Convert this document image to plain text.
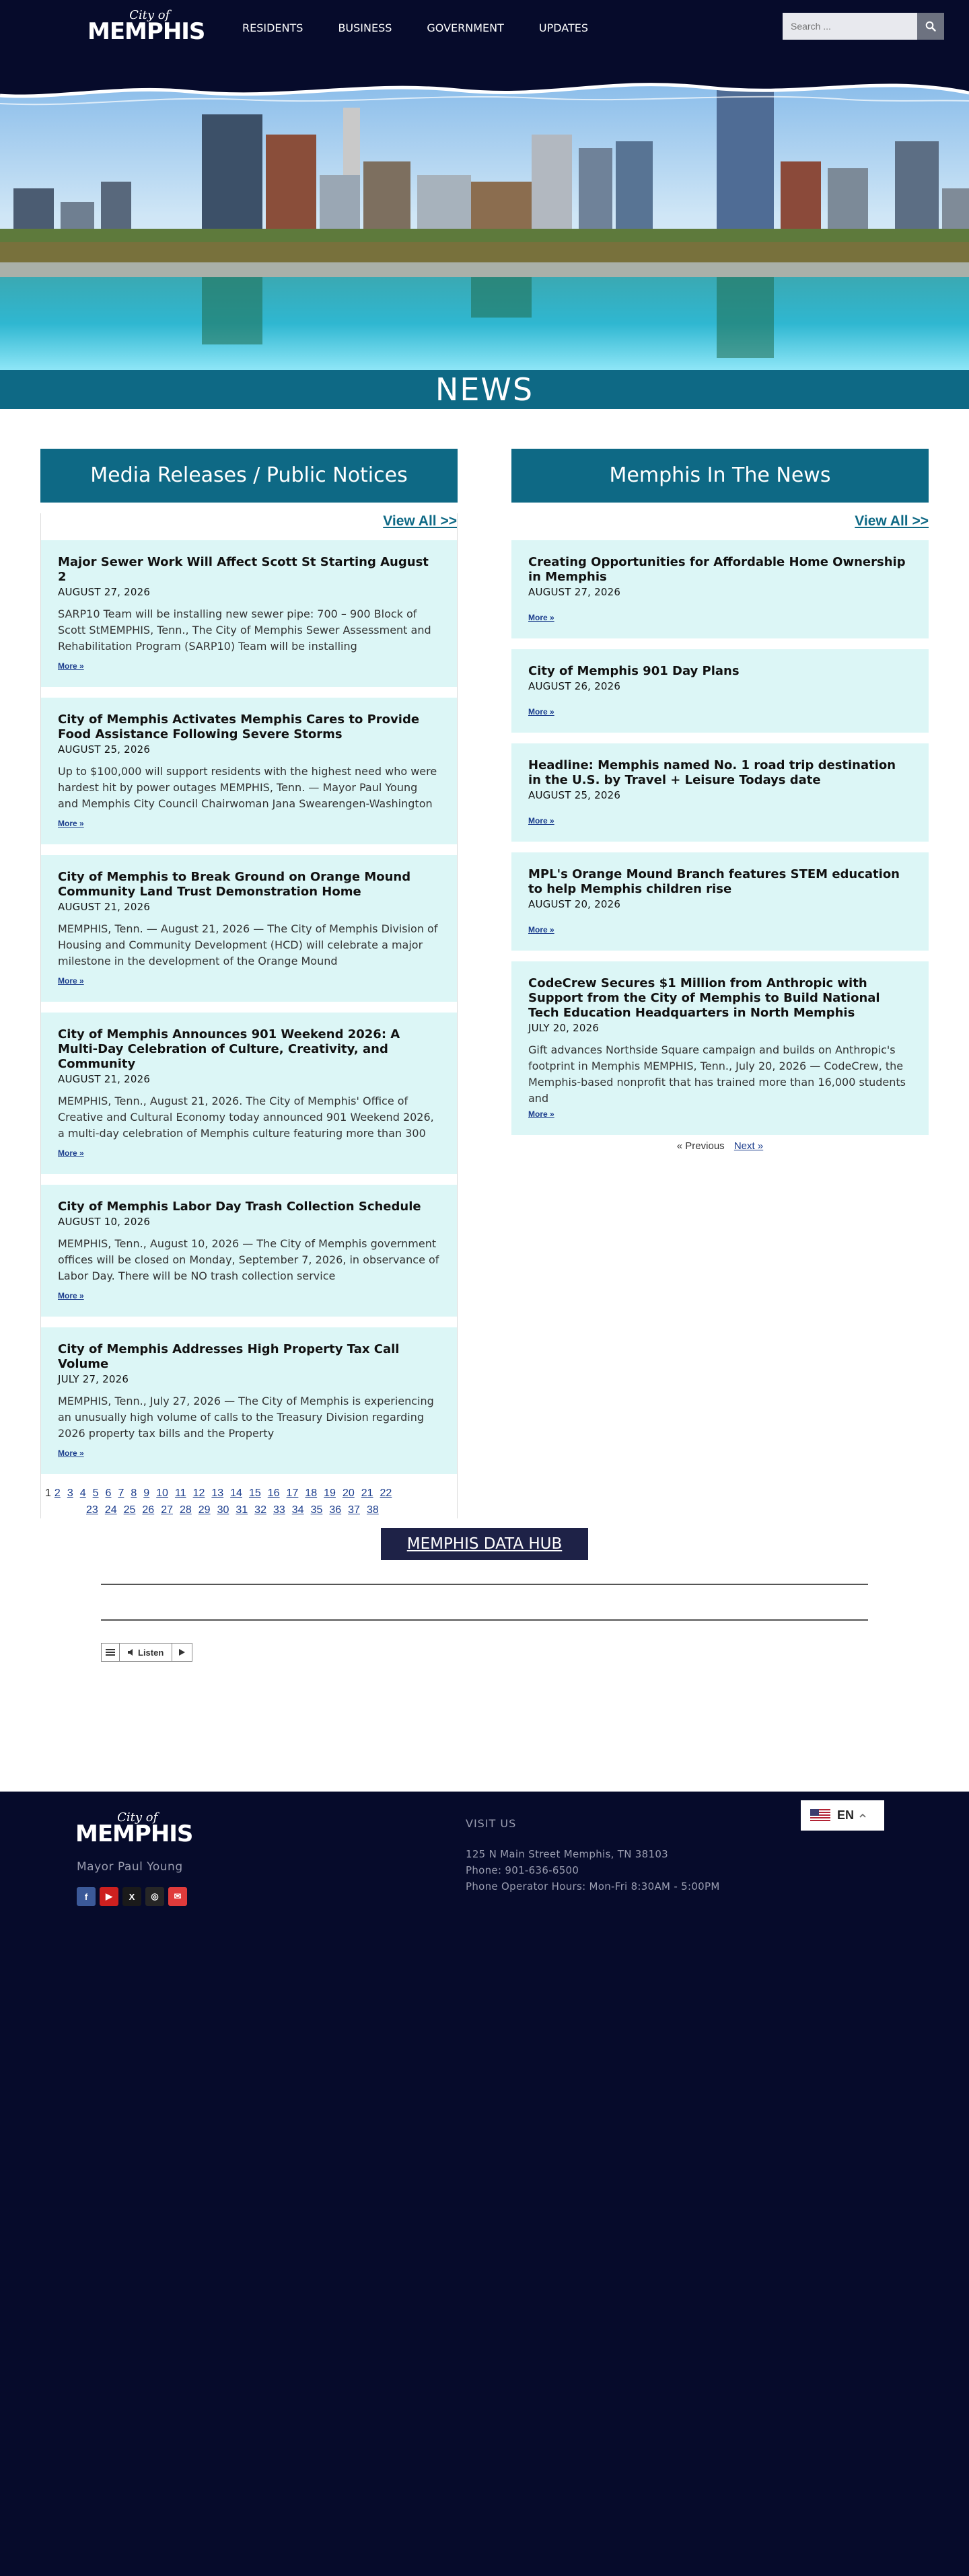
City of
MEMPHIS	RESIDENTS	BUSINESS	GOVERNMENT	UPDATES
Search ...
NEWS
Media Releases / Public Notices
View All >>
Major Sewer Work Will Affect Scott St Starting August 2
AUGUST 27, 2026
SARP10 Team will be installing new sewer pipe: 700 – 900 Block of Scott StMEMPHIS, Tenn., The City of Memphis Sewer Assessment and Rehabilitation Program (SARP10) Team will be installing
More »
City of Memphis Activates Memphis Cares to Provide Food Assistance Following Severe Storms
AUGUST 25, 2026
Up to $100,000 will support residents with the highest need who were hardest hit by power outages MEMPHIS, Tenn. — Mayor Paul Young and Memphis City Council Chairwoman Jana Swearengen-Washington
More »
City of Memphis to Break Ground on Orange Mound Community Land Trust Demonstration Home
AUGUST 21, 2026
MEMPHIS, Tenn. — August 21, 2026 — The City of Memphis Division of Housing and Community Development (HCD) will celebrate a major milestone in the development of the Orange Mound
More »
City of Memphis Announces 901 Weekend 2026: A Multi-Day Celebration of Culture, Creativity, and Community
AUGUST 21, 2026
MEMPHIS, Tenn., August 21, 2026. The City of Memphis' Office of Creative and Cultural Economy today announced 901 Weekend 2026, a multi-day celebration of Memphis culture featuring more than 300
More »
City of Memphis Labor Day Trash Collection Schedule
AUGUST 10, 2026
MEMPHIS, Tenn., August 10, 2026 — The City of Memphis government offices will be closed on Monday, September 7, 2026, in observance of Labor Day. There will be NO trash collection service
More »
City of Memphis Addresses High Property Tax Call Volume
JULY 27, 2026
MEMPHIS, Tenn., July 27, 2026 — The City of Memphis is experiencing an unusually high volume of calls to the Treasury Division regarding 2026 property tax bills and the Property
More »
1 2 3 4 5 6 7 8 9 10 11 12 13 14 15 16 17 18 19 20 21 22
23 24 25 26 27 28 29 30 31 32 33 34 35 36 37 38
Memphis In The News
View All >>
Creating Opportunities for Affordable Home Ownership in Memphis
AUGUST 27, 2026
More »
City of Memphis 901 Day Plans
AUGUST 26, 2026
More »
Headline: Memphis named No. 1 road trip destination in the U.S. by Travel + Leisure Todays date
AUGUST 25, 2026
More »
MPL's Orange Mound Branch features STEM education to help Memphis children rise
AUGUST 20, 2026
More »
CodeCrew Secures $1 Million from Anthropic with Support from the City of Memphis to Build National Tech Education Headquarters in North Memphis
JULY 20, 2026
Gift advances Northside Square campaign and builds on Anthropic's footprint in Memphis MEMPHIS, Tenn., July 20, 2026 — CodeCrew, the Memphis-based nonprofit that has trained more than 16,000 students and
More »
« Previous Next »
MEMPHIS DATA HUB
Listen
City of
MEMPHIS
Mayor Paul Young
f	▶	X	◎	✉
VISIT US
125 N Main Street Memphis, TN 38103
Phone: 901-636-6500
Phone Operator Hours: Mon-Fri 8:30AM - 5:00PM
EN
